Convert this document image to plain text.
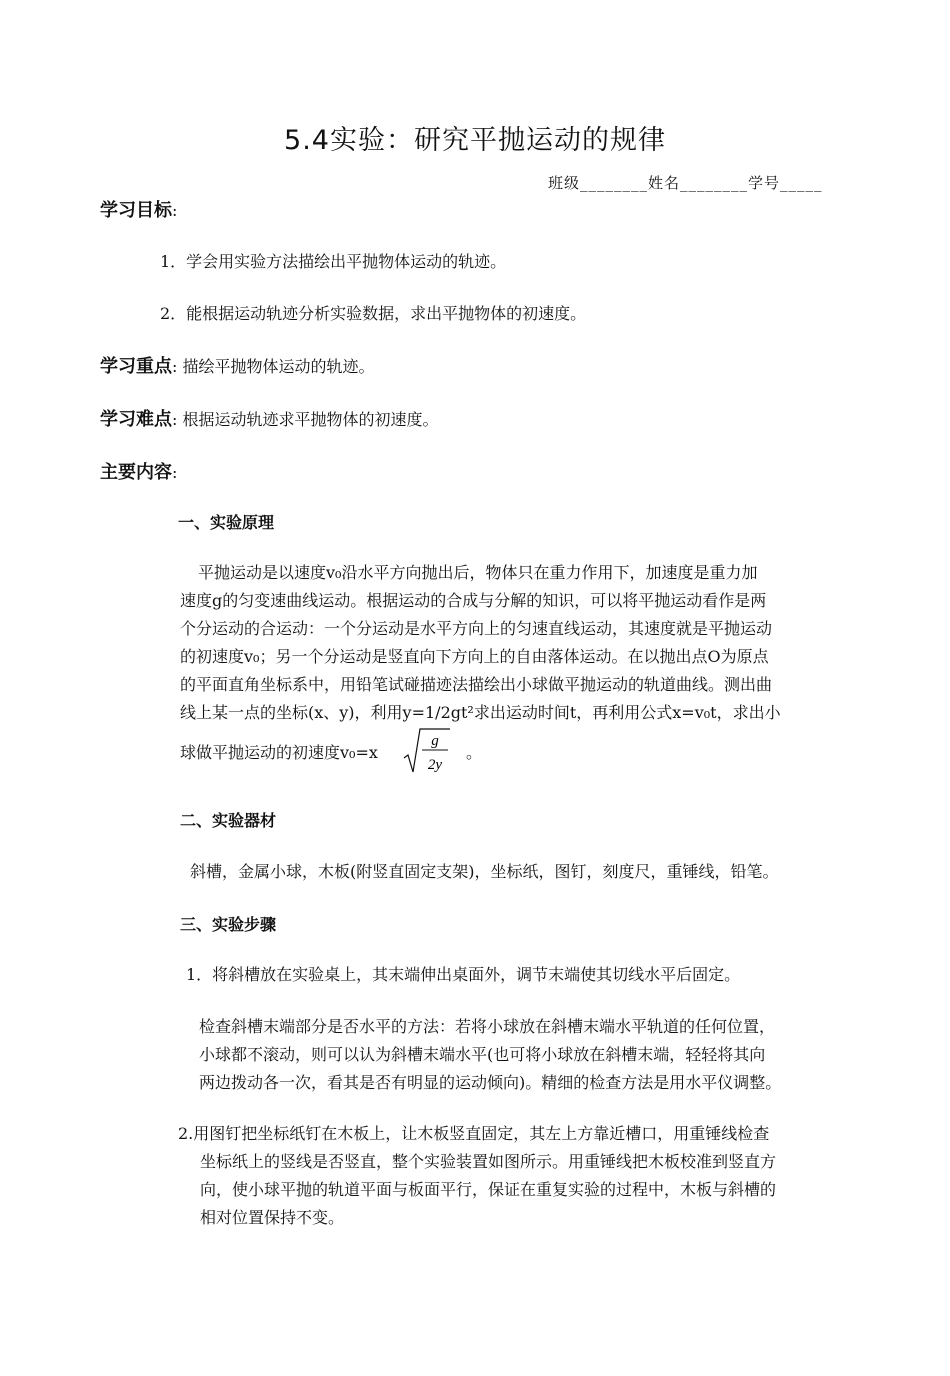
5.4实验：研究平抛运动的规律
班级________姓名________学号_____
学习目标:
1．学会用实验方法描绘出平抛物体运动的轨迹。
2．能根据运动轨迹分析实验数据，求出平抛物体的初速度。
学习重点: 描绘平抛物体运动的轨迹。
学习难点: 根据运动轨迹求平抛物体的初速度。
主要内容:
一、实验原理
平抛运动是以速度v₀沿水平方向抛出后，物体只在重力作用下，加速度是重力加
速度g的匀变速曲线运动。根据运动的合成与分解的知识，可以将平抛运动看作是两
个分运动的合运动：一个分运动是水平方向上的匀速直线运动，其速度就是平抛运动
的初速度v₀；另一个分运动是竖直向下方向上的自由落体运动。在以抛出点O为原点
的平面直角坐标系中，用铅笔试碰描迹法描绘出小球做平抛运动的轨道曲线。测出曲
线上某一点的坐标(x、y)，利用y=1/2gt²求出运动时间t，再利用公式x=v₀t，求出小
球做平抛运动的初速度v₀=x
g
2y
。
二、实验器材
斜槽，金属小球，木板(附竖直固定支架)，坐标纸，图钉，刻度尺，重锤线，铅笔。
三、实验步骤
1．将斜槽放在实验桌上，其末端伸出桌面外，调节末端使其切线水平后固定。
检查斜槽末端部分是否水平的方法：若将小球放在斜槽末端水平轨道的任何位置，
小球都不滚动，则可以认为斜槽末端水平(也可将小球放在斜槽末端，轻轻将其向
两边拨动各一次，看其是否有明显的运动倾向)。精细的检查方法是用水平仪调整。
2.用图钉把坐标纸钉在木板上，让木板竖直固定，其左上方靠近槽口，用重锤线检查
坐标纸上的竖线是否竖直，整个实验装置如图所示。用重锤线把木板校准到竖直方
向，使小球平抛的轨道平面与板面平行，保证在重复实验的过程中，木板与斜槽的
相对位置保持不变。
